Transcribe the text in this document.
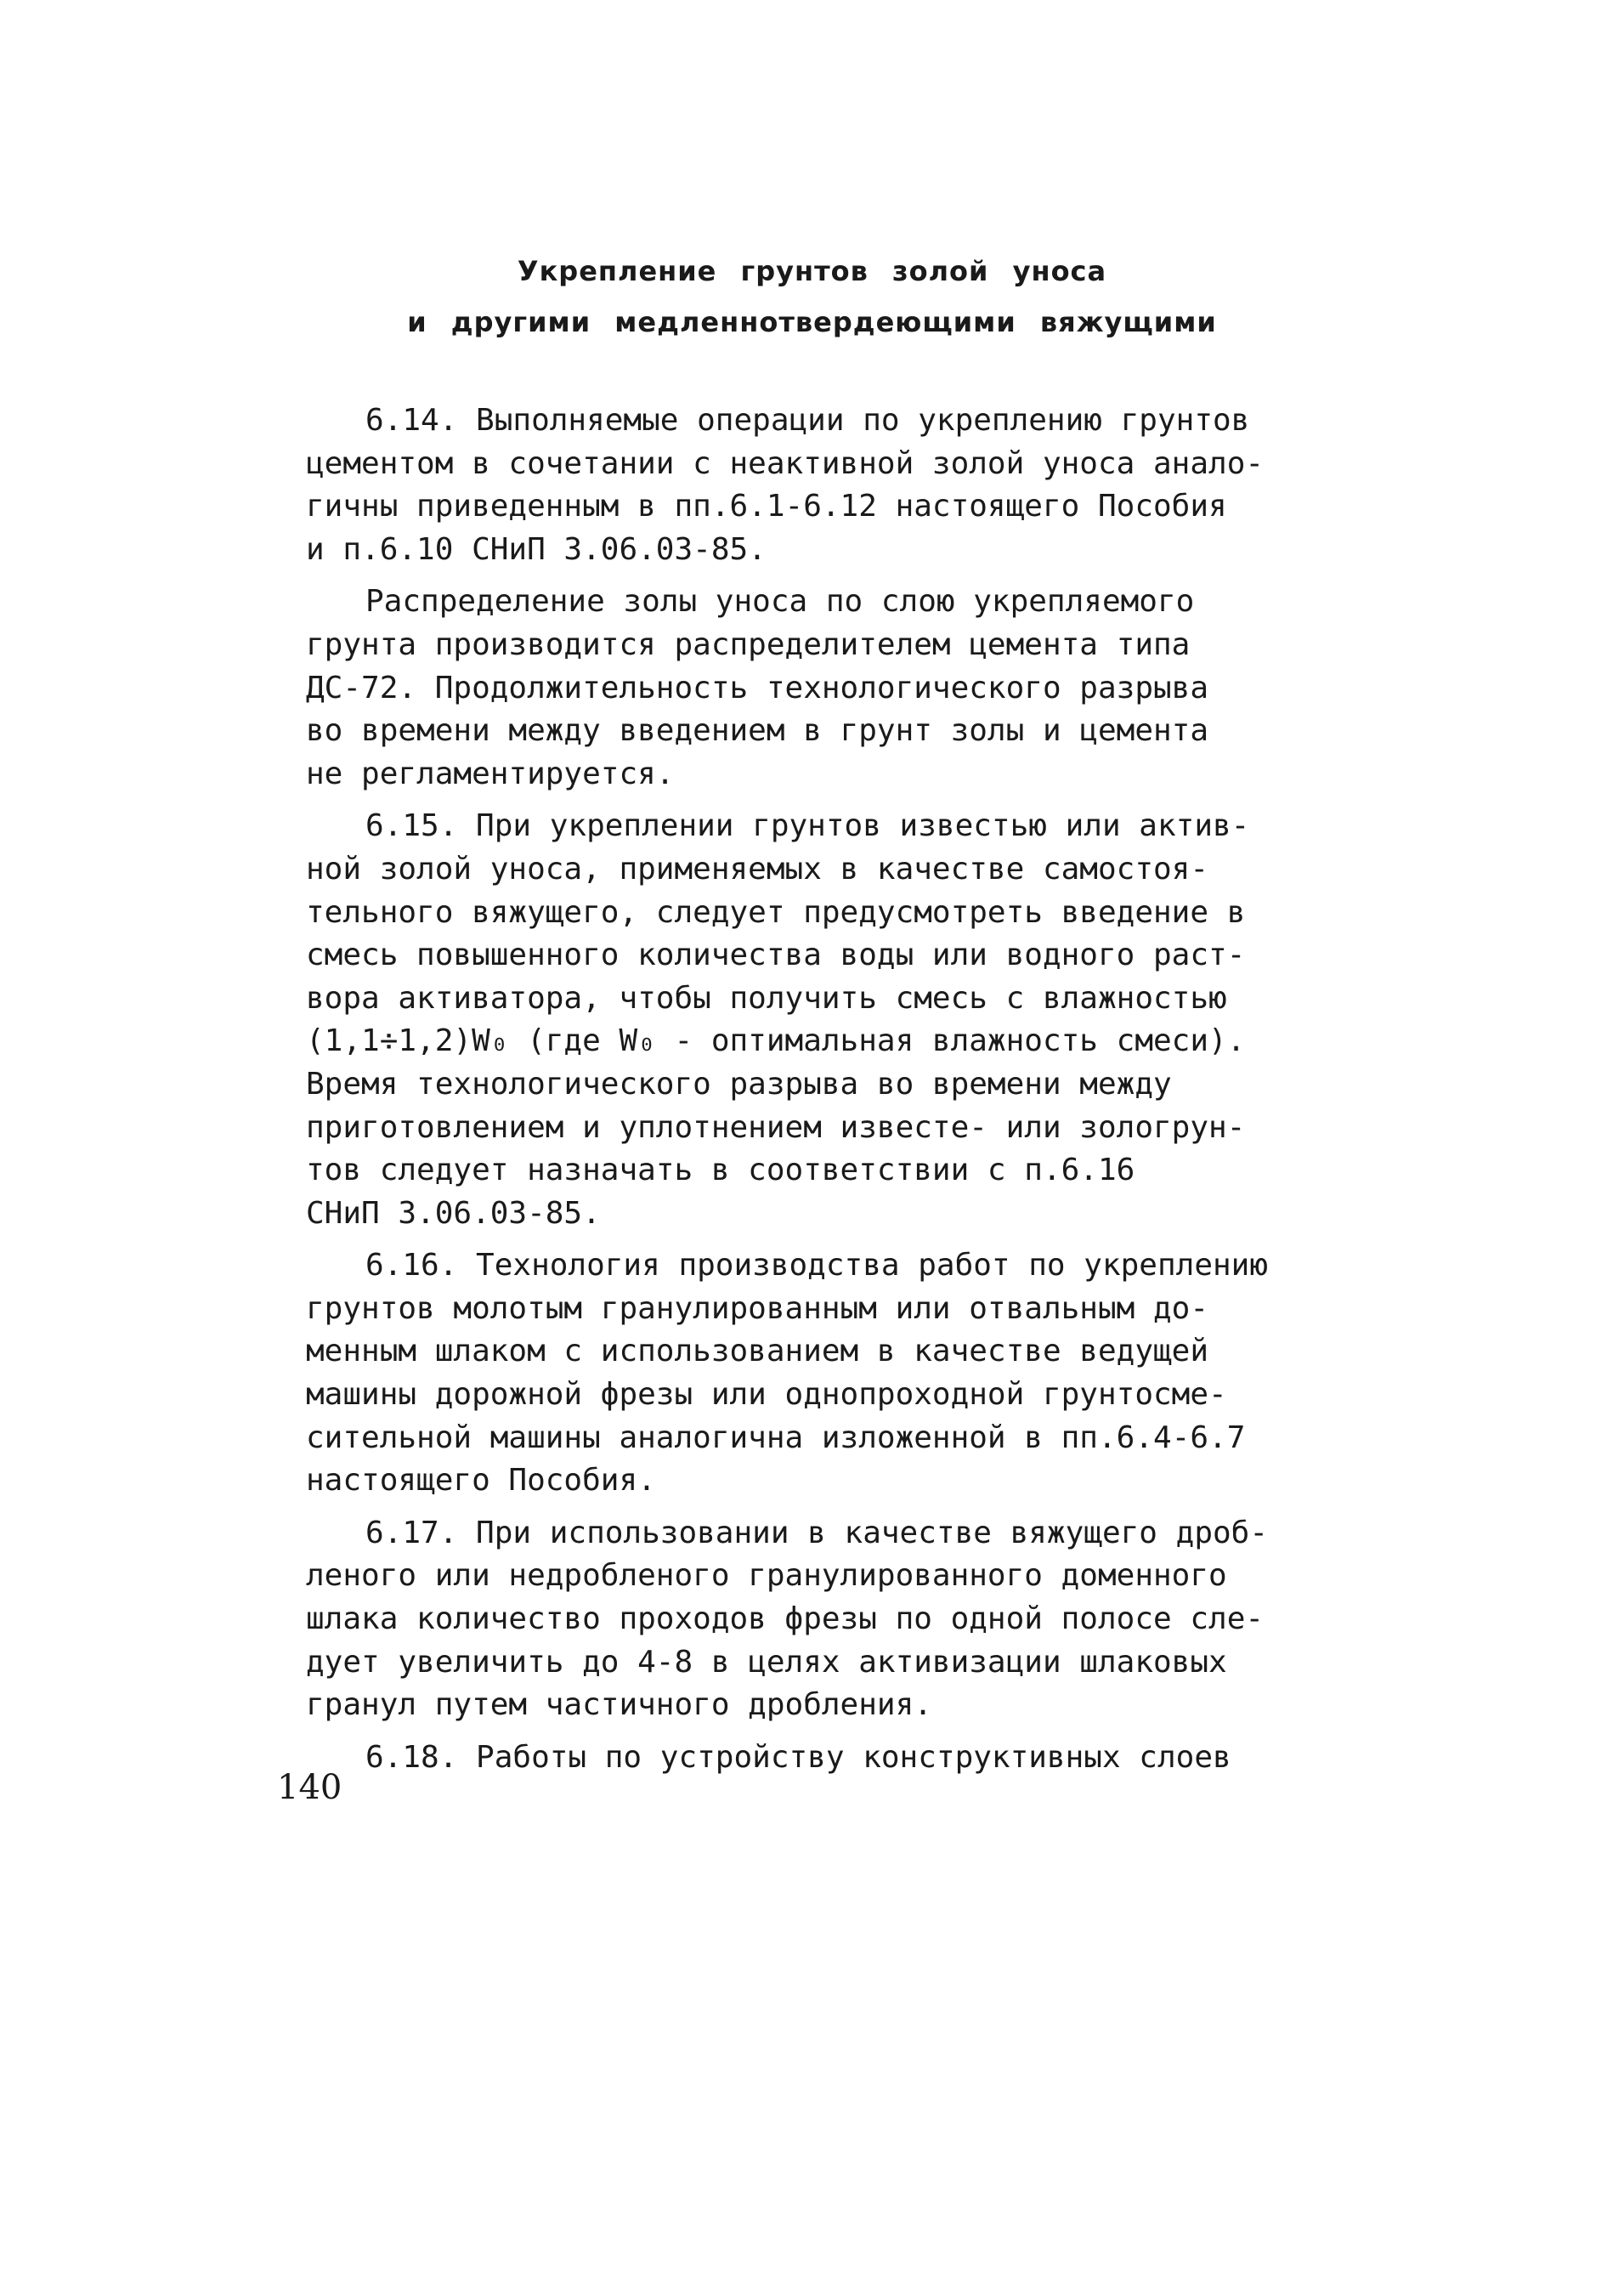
Укрепление грунтов золой уноса
и другими медленнотвердеющими вяжущими
6.14. Выполняемые операции по укреплению грунтов
цементом в сочетании с неактивной золой уноса анало-
гичны приведенным в пп.6.1-6.12 настоящего Пособия
и п.6.10 СНиП 3.06.03-85.
Распределение золы уноса по слою укрепляемого
грунта производится распределителем цемента типа
ДС-72. Продолжительность технологического разрыва
во времени между введением в грунт золы и цемента
не регламентируется.
6.15. При укреплении грунтов известью или актив-
ной золой уноса, применяемых в качестве самостоя-
тельного вяжущего, следует предусмотреть введение в
смесь повышенного количества воды или водного раст-
вора активатора, чтобы получить смесь с влажностью
(1,1÷1,2)W₀ (где W₀ - оптимальная влажность смеси).
Время технологического разрыва во времени между
приготовлением и уплотнением известе- или зологрун-
тов следует назначать в соответствии с п.6.16
СНиП 3.06.03-85.
6.16. Технология производства работ по укреплению
грунтов молотым гранулированным или отвальным до-
менным шлаком с использованием в качестве ведущей
машины дорожной фрезы или однопроходной грунтосме-
сительной машины аналогична изложенной в пп.6.4-6.7
настоящего Пособия.
6.17. При использовании в качестве вяжущего дроб-
леного или недробленого гранулированного доменного
шлака количество проходов фрезы по одной полосе сле-
дует увеличить до 4-8 в целях активизации шлаковых
гранул путем частичного дробления.
6.18. Работы по устройству конструктивных слоев
140
